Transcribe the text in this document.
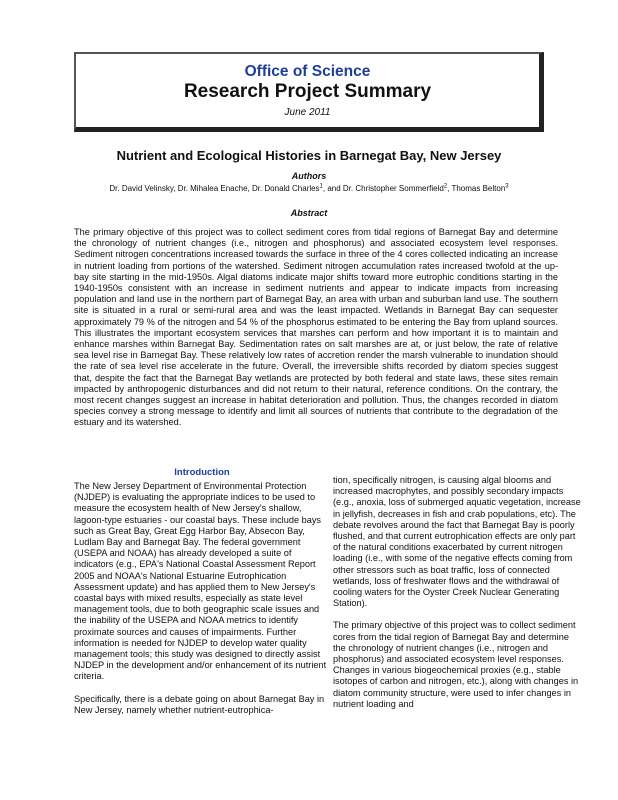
Office of Science
Research Project Summary
June 2011
Nutrient and Ecological Histories in Barnegat Bay, New Jersey
Authors
Dr. David Velinsky, Dr. Mihalea Enache, Dr. Donald Charles$^1$, and Dr. Christopher Sommerfield$^2$, Thomas Belton$^3$
Abstract
The primary objective of this project was to collect sediment cores from tidal regions of Barnegat Bay and determine the chronology of nutrient changes (i.e., nitrogen and phosphorus) and associated ecosystem level responses. Sediment nitrogen concentrations increased towards the surface in three of the 4 cores collected indicating an increase in nutrient loading from portions of the watershed. Sediment nitrogen accumulation rates increased twofold at the up-bay site starting in the mid-1950s. Algal diatoms indicate major shifts toward more eutrophic conditions starting in the 1940-1950s consistent with an increase in sediment nutrients and appear to indicate impacts from increasing population and land use in the northern part of Barnegat Bay, an area with urban and suburban land use. The southern site is situated in a rural or semi-rural area and was the least impacted. Wetlands in Barnegat Bay can sequester approximately 79 % of the nitrogen and 54 % of the phosphorus estimated to be entering the Bay from upland sources. This illustrates the important ecosystem services that marshes can perform and how important it is to maintain and enhance marshes within Barnegat Bay. Sedimentation rates on salt marshes are at, or just below, the rate of relative sea level rise in Barnegat Bay. These relatively low rates of accretion render the marsh vulnerable to inundation should the rate of sea level rise accelerate in the future. Overall, the irreversible shifts recorded by diatom species suggest that, despite the fact that the Barnegat Bay wetlands are protected by both federal and state laws, these sites remain impacted by anthropogenic disturbances and did not return to their natural, reference conditions. On the contrary, the most recent changes suggest an increase in habitat deterioration and pollution. Thus, the changes recorded in diatom species convey a strong message to identify and limit all sources of nutrients that contribute to the degradation of the estuary and its watershed.
Introduction

The New Jersey Department of Environmental Protection (NJDEP) is evaluating the appropriate indices to be used to measure the ecosystem health of New Jersey's shallow, lagoon-type estuaries - our coastal bays. These include bays such as Great Bay, Great Egg Harbor Bay, Absecon Bay, Ludlam Bay and Barnegat Bay. The federal government (USEPA and NOAA) has already developed a suite of indicators (e.g., EPA's National Coastal Assessment Report 2005 and NOAA's National Estuarine Eutrophication Assessment update) and has applied them to New Jersey's coastal bays with mixed results, especially as state level management tools, due to both geographic scale issues and the inability of the USEPA and NOAA metrics to identify proximate sources and causes of impairments. Further information is needed for NJDEP to develop water quality management tools; this study was designed to directly assist NJDEP in the development and/or enhancement of its nutrient criteria.

Specifically, there is a debate going on about Barnegat Bay in New Jersey, namely whether nutrient-eutrophica-

tion, specifically nitrogen, is causing algal blooms and increased macrophytes, and possibly secondary impacts (e.g., anoxia, loss of submerged aquatic vegetation, increase in jellyfish, decreases in fish and crab populations, etc). The debate revolves around the fact that Barnegat Bay is poorly flushed, and that current eutrophication effects are only part of the natural conditions exacerbated by current nitrogen loading (i.e., with some of the negative effects coming from other stressors such as boat traffic, loss of connected wetlands, loss of freshwater flows and the withdrawal of cooling waters for the Oyster Creek Nuclear Generating Station).

The primary objective of this project was to collect sediment cores from the tidal region of Barnegat Bay and determine the chronology of nutrient changes (i.e., nitrogen and phosphorus) and associated ecosystem level responses. Changes in various biogeochemical proxies (e.g., stable isotopes of carbon and nitrogen, etc.), along with changes in diatom community structure, were used to infer changes in nutrient loading and
